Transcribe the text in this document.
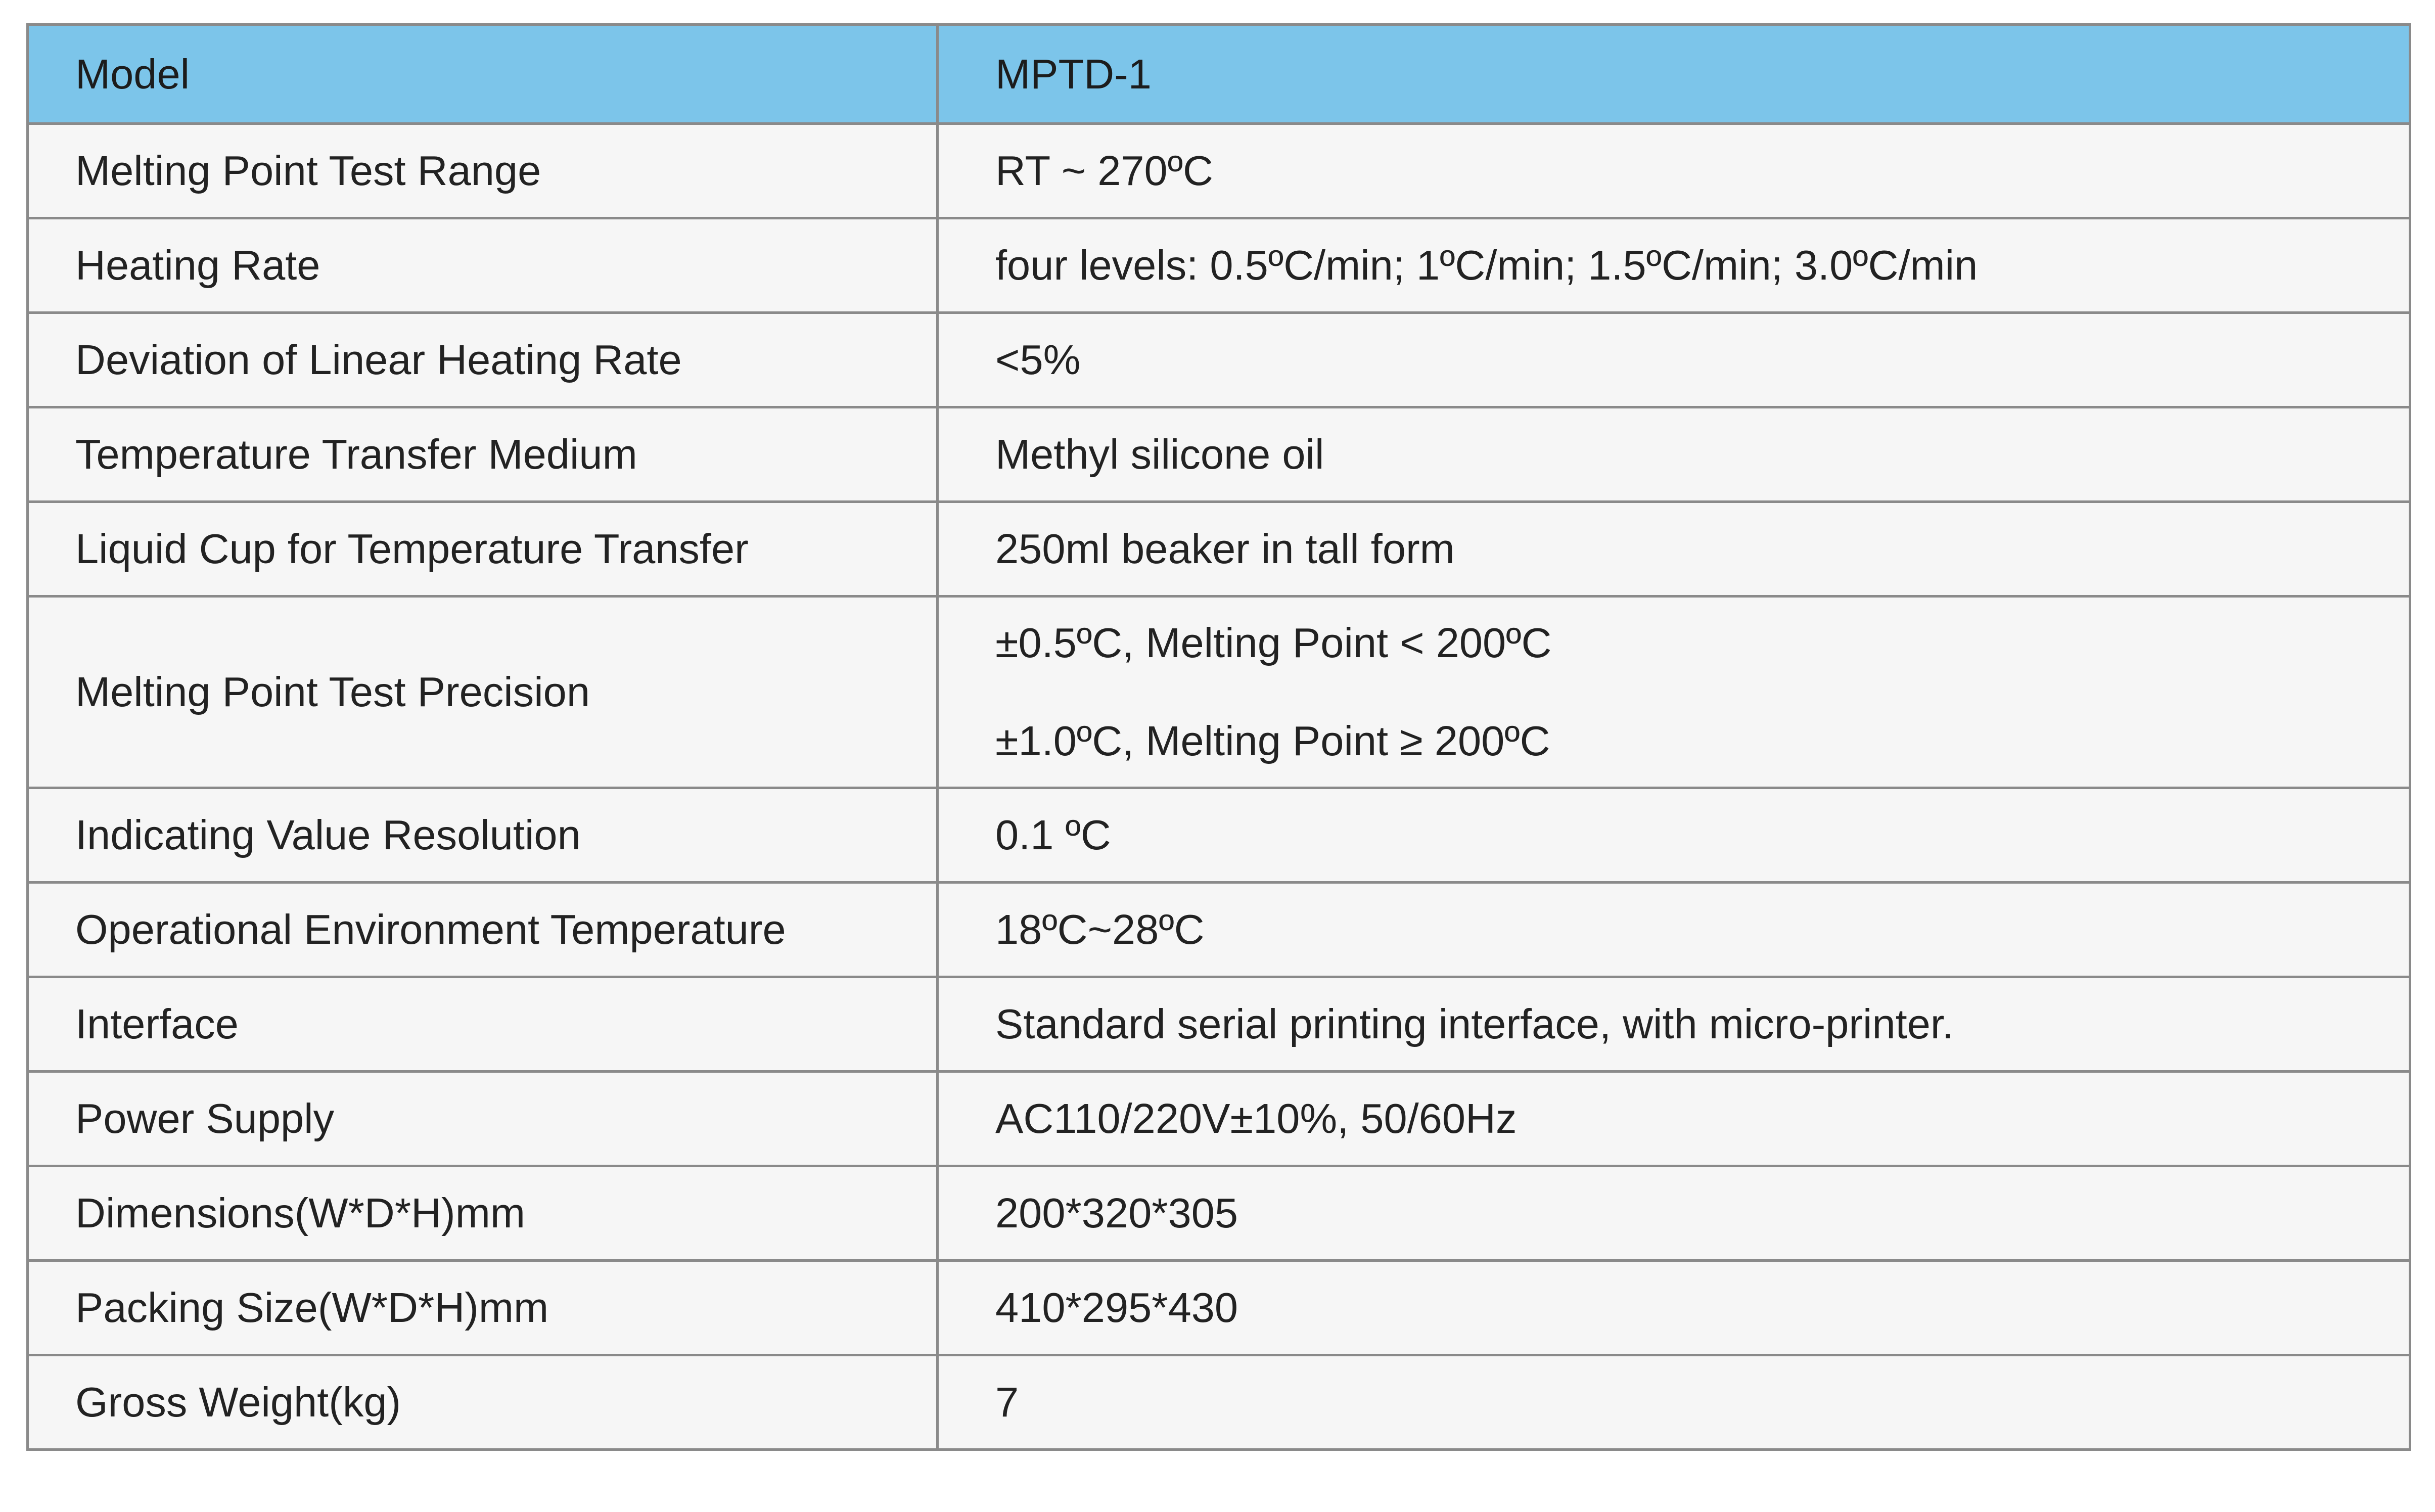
Model	MPTD-1
Melting Point Test Range	RT ~ 270ºC
Heating Rate	four levels: 0.5ºC/min; 1ºC/min; 1.5ºC/min; 3.0ºC/min
Deviation of Linear Heating Rate	<5%
Temperature Transfer Medium	Methyl silicone oil
Liquid Cup for Temperature Transfer	250ml beaker in tall form
Melting Point Test Precision	±0.5ºC, Melting Point < 200ºC
±1.0ºC, Melting Point ≥ 200ºC

Indicating Value Resolution	0.1 ºC
Operational Environment Temperature	18ºC~28ºC
Interface	Standard serial printing interface, with micro-printer.
Power Supply	AC110/220V±10%, 50/60Hz
Dimensions(W*D*H)mm	200*320*305
Packing Size(W*D*H)mm	410*295*430
Gross Weight(kg)	7
